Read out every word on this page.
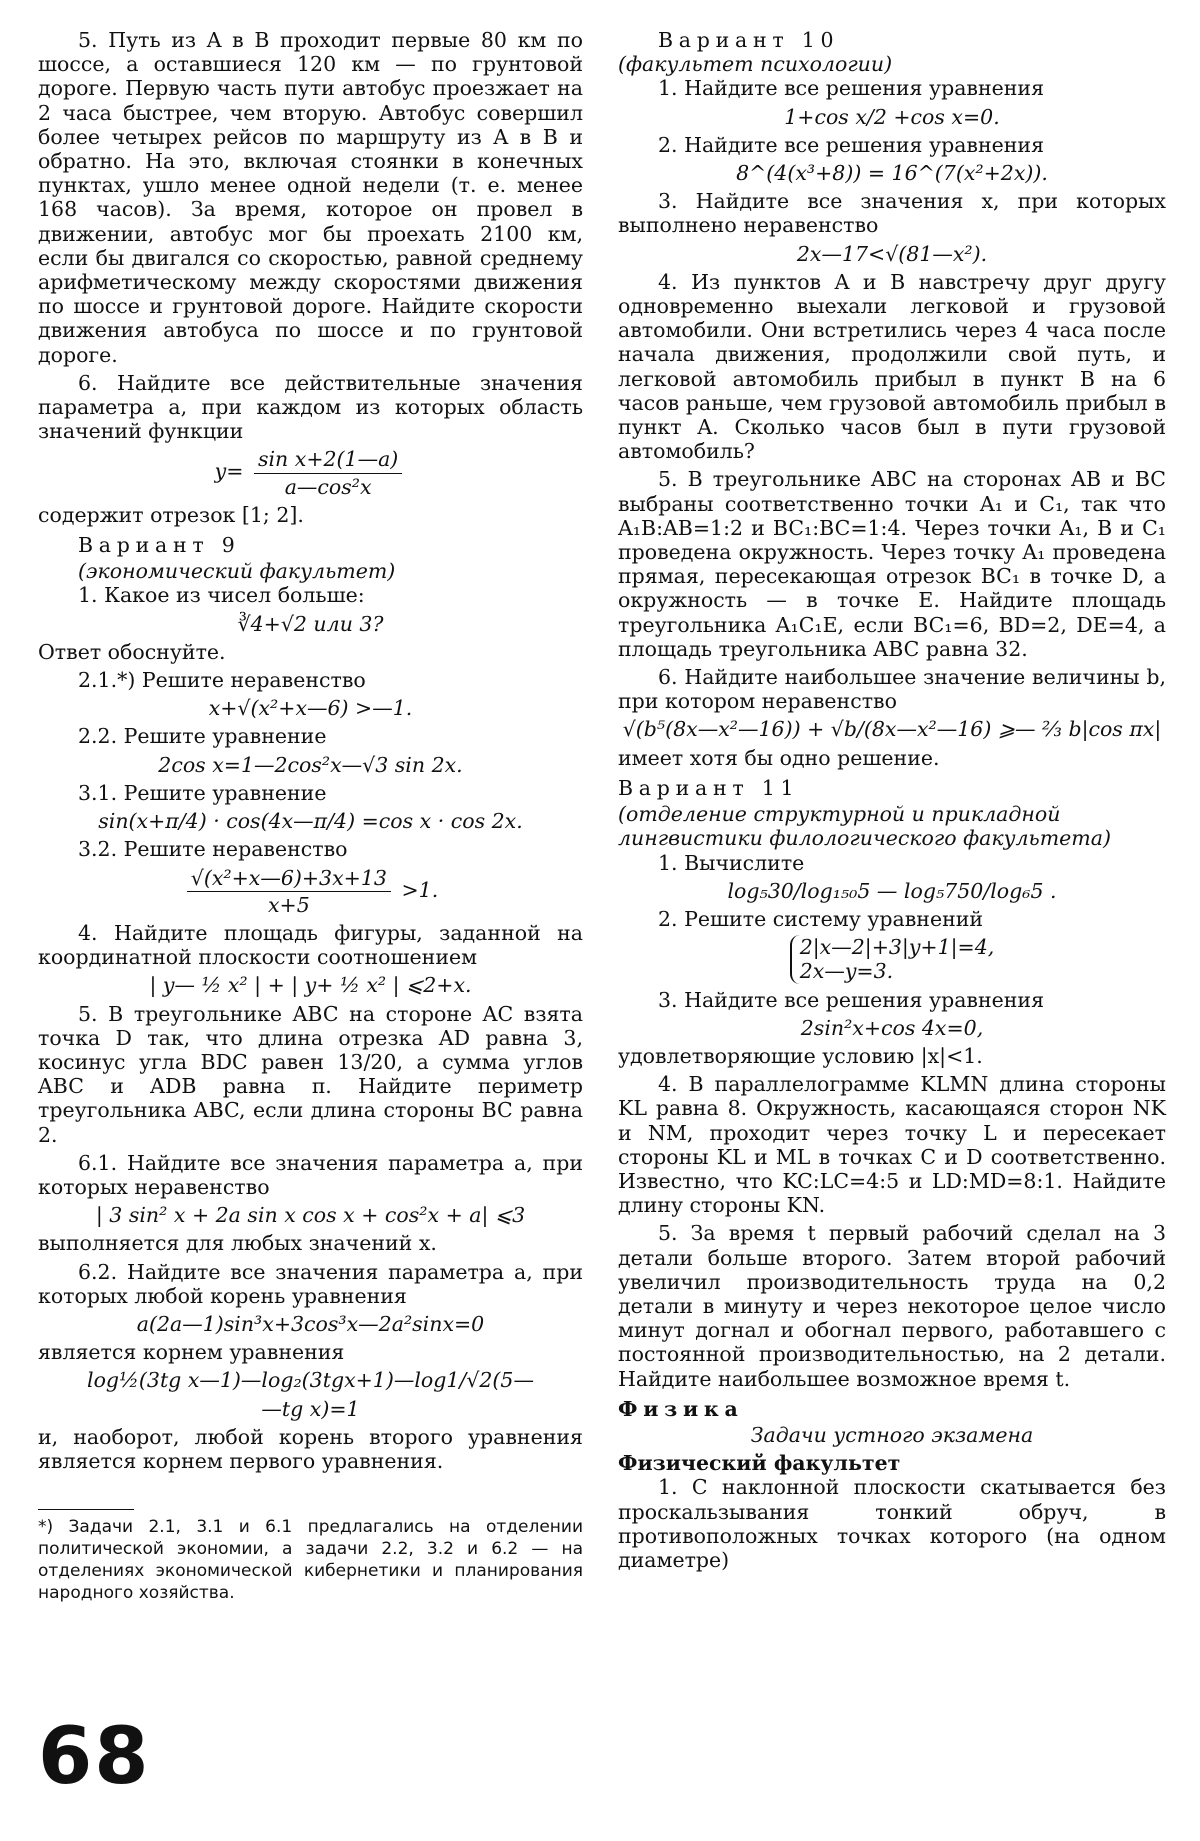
5. Путь из A в B проходит первые 80 км по шоссе, а оставшиеся 120 км — по грунтовой дороге. Первую часть пути автобус проезжает на 2 часа быстрее, чем вторую. Автобус совершил более четырех рейсов по маршруту из A в B и обратно. На это, включая стоянки в конечных пунктах, ушло менее одной недели (т. е. менее 168 часов). За время, которое он провел в движении, автобус мог бы проехать 2100 км, если бы двигался со скоростью, равной среднему арифметическому между скоростями движения по шоссе и грунтовой дороге. Найдите скорости движения автобуса по шоссе и по грунтовой дороге.

6. Найдите все действительные значения параметра a, при каждом из которых область значений функции

$y= \frac{\text{sin x+2(1—a)}}{\text{a—cos²x}}$

содержит отрезок [1; 2].

Вариант 9
(экономический факультет)

1. Какое из чисел больше:

∛4+√2 или 3?

Ответ обоснуйте.

2.1.*) Решите неравенство

x+√(x²+x—6) >—1.

2.2. Решите уравнение

2cos x=1—2cos²x—√3 sin 2x.

3.1. Решите уравнение

sin(x+π/4) · cos(4x—π/4) =cos x · cos 2x.

3.2. Решите неравенство

$\frac{\text{√(x²+x—6)+3x+13}}{x+5} >1$.

4. Найдите площадь фигуры, заданной на координатной плоскости соотношением

| y— ½ x² | + | y+ ½ x² | ⩽2+x.

5. В треугольнике ABC на стороне AC взята точка D так, что длина отрезка AD равна 3, косинус угла BDC равен 13/20, а сумма углов ABC и ADB равна π. Найдите периметр треугольника ABC, если длина стороны BC равна 2.

6.1. Найдите все значения параметра a, при которых неравенство

| 3 sin² x + 2a sin x cos x + cos²x + a| ⩽3

выполняется для любых значений x.

6.2. Найдите все значения параметра a, при которых любой корень уравнения

a(2a—1)sin³x+3cos³x—2a²sinx=0

является корнем уравнения

log½(3tg x—1)—log₂(3tgx+1)—log1/√2(5—
—tg x)=1

и, наоборот, любой корень второго уравнения является корнем первого уравнения.

*) Задачи 2.1, 3.1 и 6.1 предлагались на отделении политической экономии, а задачи 2.2, 3.2 и 6.2 — на отделениях экономической кибернетики и планирования народного хозяйства.

Вариант 10
(факультет психологии)

1. Найдите все решения уравнения

1+cos x/2 +cos x=0.

2. Найдите все решения уравнения

8^(4(x³+8)) = 16^(7(x²+2x)).

3. Найдите все значения x, при которых выполнено неравенство

2x—17<√(81—x²).

4. Из пунктов A и B навстречу друг другу одновременно выехали легковой и грузовой автомобили. Они встретились через 4 часа после начала движения, продолжили свой путь, и легковой автомобиль прибыл в пункт B на 6 часов раньше, чем грузовой автомобиль прибыл в пункт A. Сколько часов был в пути грузовой автомобиль?

5. В треугольнике ABC на сторонах AB и BC выбраны соответственно точки A₁ и C₁, так что A₁B:AB=1:2 и BC₁:BC=1:4. Через точки A₁, B и C₁ проведена окружность. Через точку A₁ проведена прямая, пересекающая отрезок BC₁ в точке D, а окружность — в точке E. Найдите площадь треугольника A₁C₁E, если BC₁=6, BD=2, DE=4, а площадь треугольника ABC равна 32.

6. Найдите наибольшее значение величины b, при котором неравенство

√(b⁵(8x—x²—16)) + √b/(8x—x²—16) ⩾— ⅔ b|cos πx|

имеет хотя бы одно решение.

Вариант 11
(отделение структурной и прикладной лингвистики филологического факультета)

1. Вычислите

log₅30/log₁₅₀5 — log₅750/log₆5 .

2. Решите систему уравнений

2|x—2|+3|y+1|=4,
2x—y=3.

3. Найдите все решения уравнения

2sin²x+cos 4x=0,

удовлетворяющие условию |x|<1.

4. В параллелограмме KLMN длина стороны KL равна 8. Окружность, касающаяся сторон NK и NM, проходит через точку L и пересекает стороны KL и ML в точках C и D соответственно. Известно, что KC:LC=4:5 и LD:MD=8:1. Найдите длину стороны KN.

5. За время t первый рабочий сделал на 3 детали больше второго. Затем второй рабочий увеличил производительность труда на 0,2 детали в минуту и через некоторое целое число минут догнал и обогнал первого, работавшего с постоянной производительностью, на 2 детали. Найдите наибольшее возможное время t.

Физика
Задачи устного экзамена
Физический факультет

1. С наклонной плоскости скатывается без проскальзывания тонкий обруч, в противоположных точках которого (на одном диаметре)

68
